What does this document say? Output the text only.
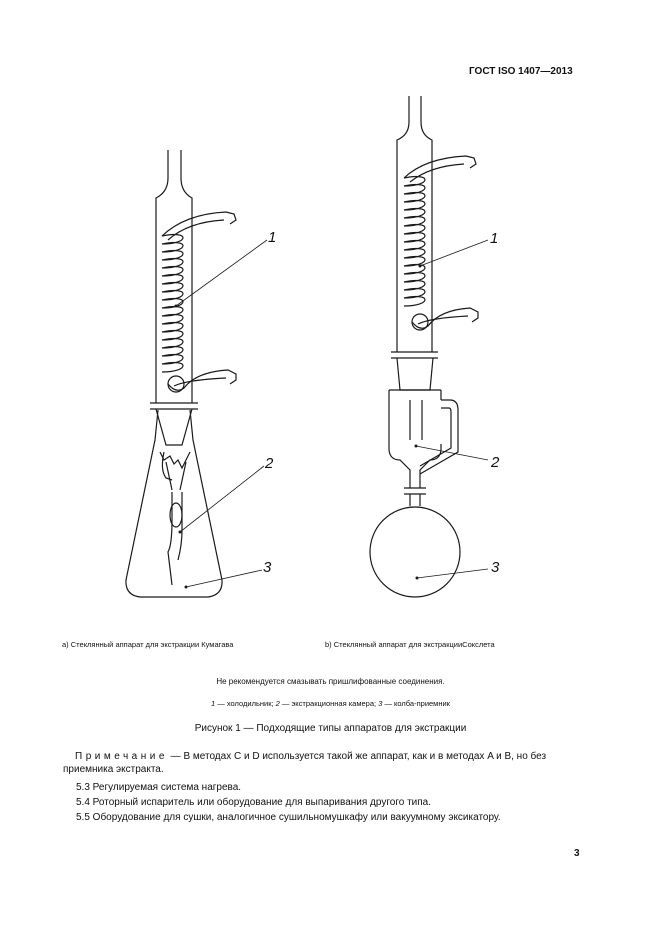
ГОСТ ISO 1407—2013
1
2
3
1
2
3
a) Стеклянный аппарат для экстракции Кумагава	b) Стеклянный аппарат для экстракцииСокслета
Не рекомендуется смазывать пришлифованные соединения.
1 — холодильник; 2 — экстракционная камера; 3 — колба-приемник
Рисунок 1 — Подходящие типы аппаратов для экстракции
Примечание — В методах C и D используется такой же аппарат, как и в методах A и B, но без приемника экстракта.
5.3 Регулируемая система нагрева.
5.4 Роторный испаритель или оборудование для выпаривания другого типа.
5.5 Оборудование для сушки, аналогичное сушильномушкафу или вакуумному эксикатору.
3
